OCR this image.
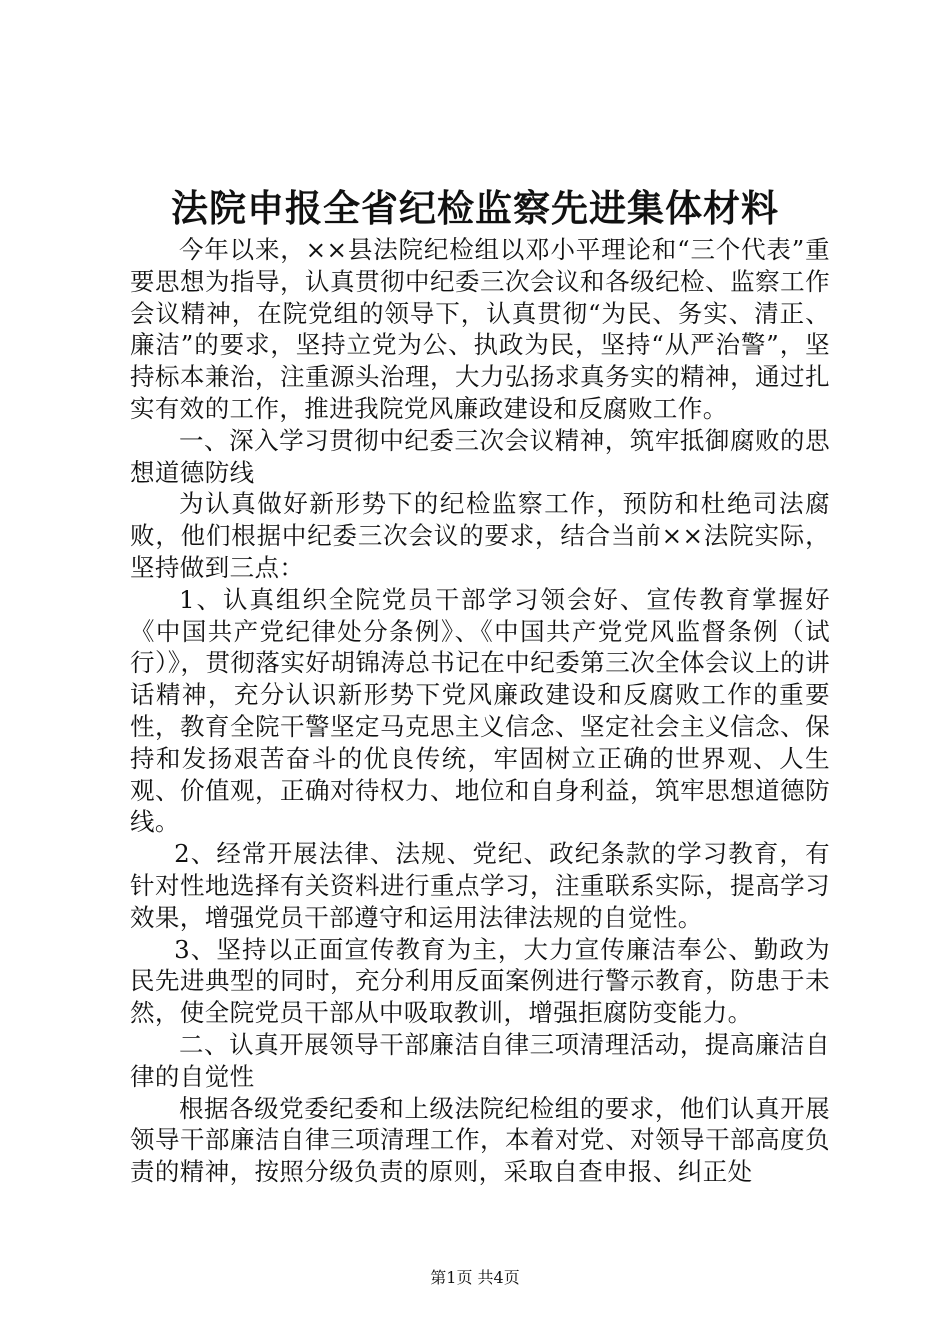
法院申报全省纪检监察先进集体材料

今年以来，××县法院纪检组以邓小平理论和“三个代表”重要思想为指导，认真贯彻中纪委三次会议和各级纪检、监察工作会议精神，在院党组的领导下，认真贯彻“为民、务实、清正、廉洁”的要求，坚持立党为公、执政为民，坚持“从严治警”，坚持标本兼治，注重源头治理，大力弘扬求真务实的精神，通过扎实有效的工作，推进我院党风廉政建设和反腐败工作。

一、深入学习贯彻中纪委三次会议精神，筑牢抵御腐败的思想道德防线

为认真做好新形势下的纪检监察工作，预防和杜绝司法腐败，他们根据中纪委三次会议的要求，结合当前××法院实际，坚持做到三点：

1、认真组织全院党员干部学习领会好、宣传教育掌握好《中国共产党纪律处分条例》、《中国共产党党风监督条例（试行）》，贯彻落实好胡锦涛总书记在中纪委第三次全体会议上的讲话精神，充分认识新形势下党风廉政建设和反腐败工作的重要性，教育全院干警坚定马克思主义信念、坚定社会主义信念、保持和发扬艰苦奋斗的优良传统，牢固树立正确的世界观、人生观、价值观，正确对待权力、地位和自身利益，筑牢思想道德防线。

2、经常开展法律、法规、党纪、政纪条款的学习教育，有针对性地选择有关资料进行重点学习，注重联系实际，提高学习效果，增强党员干部遵守和运用法律法规的自觉性。

3、坚持以正面宣传教育为主，大力宣传廉洁奉公、勤政为民先进典型的同时，充分利用反面案例进行警示教育，防患于未然，使全院党员干部从中吸取教训，增强拒腐防变能力。

二、认真开展领导干部廉洁自律三项清理活动，提高廉洁自律的自觉性

根据各级党委纪委和上级法院纪检组的要求，他们认真开展领导干部廉洁自律三项清理工作，本着对党、对领导干部高度负责的精神，按照分级负责的原则，采取自查申报、纠正处

第1页 共4页
